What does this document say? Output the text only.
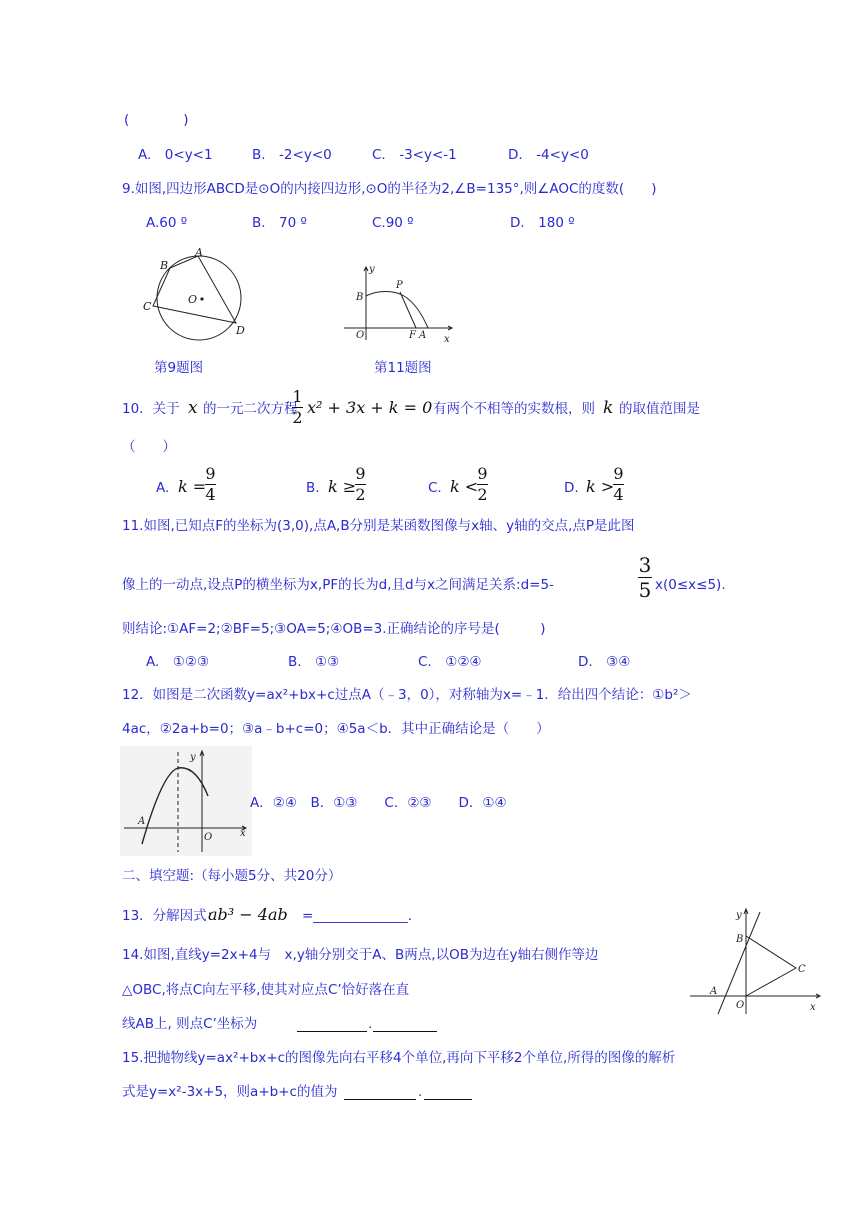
(　　　　)
A.　0<y<1	B.　-2<y<0	C.　-3<y<-1	D.　-4<y<0
9.如图,四边形ABCD是⊙O的内接四边形,⊙O的半径为2,∠B=135°,则∠AOC的度数(　　)
A.60 º	B.　70 º	C.90 º	D.　180 º
A
B
C
O
D
第9题图
y
B
P
O	F A x
第11题图
10．关于 x 的一元二次方程
1
2
x² + 3x + k = 0 有两个不相等的实数根，则 k 的取值范围是
（　　）
A. k =
9
4	B. k ≥
9
2	C. k <
9
2	D. k >
9
4
11.如图,已知点F的坐标为(3,0),点A,B分别是某函数图像与x轴、y轴的交点,点P是此图
像上的一动点,设点P的横坐标为x,PF的长为d,且d与x之间满足关系:d=5-
3
5 x(0≤x≤5).
则结论:①AF=2;②BF=5;③OA=5;④OB=3.正确结论的序号是(　　　)
A.　①②③	B.　①③	C.　①②④	D.　③④
12．如图是二次函数y=ax²+bx+c过点A（﹣3，0），对称轴为x=﹣1．给出四个结论：①b²＞
4ac，②2a+b=0；③a﹣b+c=0；④5a＜b．其中正确结论是（　　）
y
A
O	x
A．②④　B．①③　　C．②③　　D．①④
二、填空题:（每小题5分、共20分）
13．分解因式：
ab³ − 4ab =______________．
14.如图,直线y=2x+4与　x,y轴分别交于A、B两点,以OB为边在y轴右侧作等边
△OBC,将点C向左平移,使其对应点C’恰好落在直
线AB上, 则点C’坐标为	.
y
B
C
A
O	x
15.把抛物线y=ax²+bx+c的图像先向右平移4个单位,再向下平移2个单位,所得的图像的解析
式是y=x²-3x+5，则a+b+c的值为	.
